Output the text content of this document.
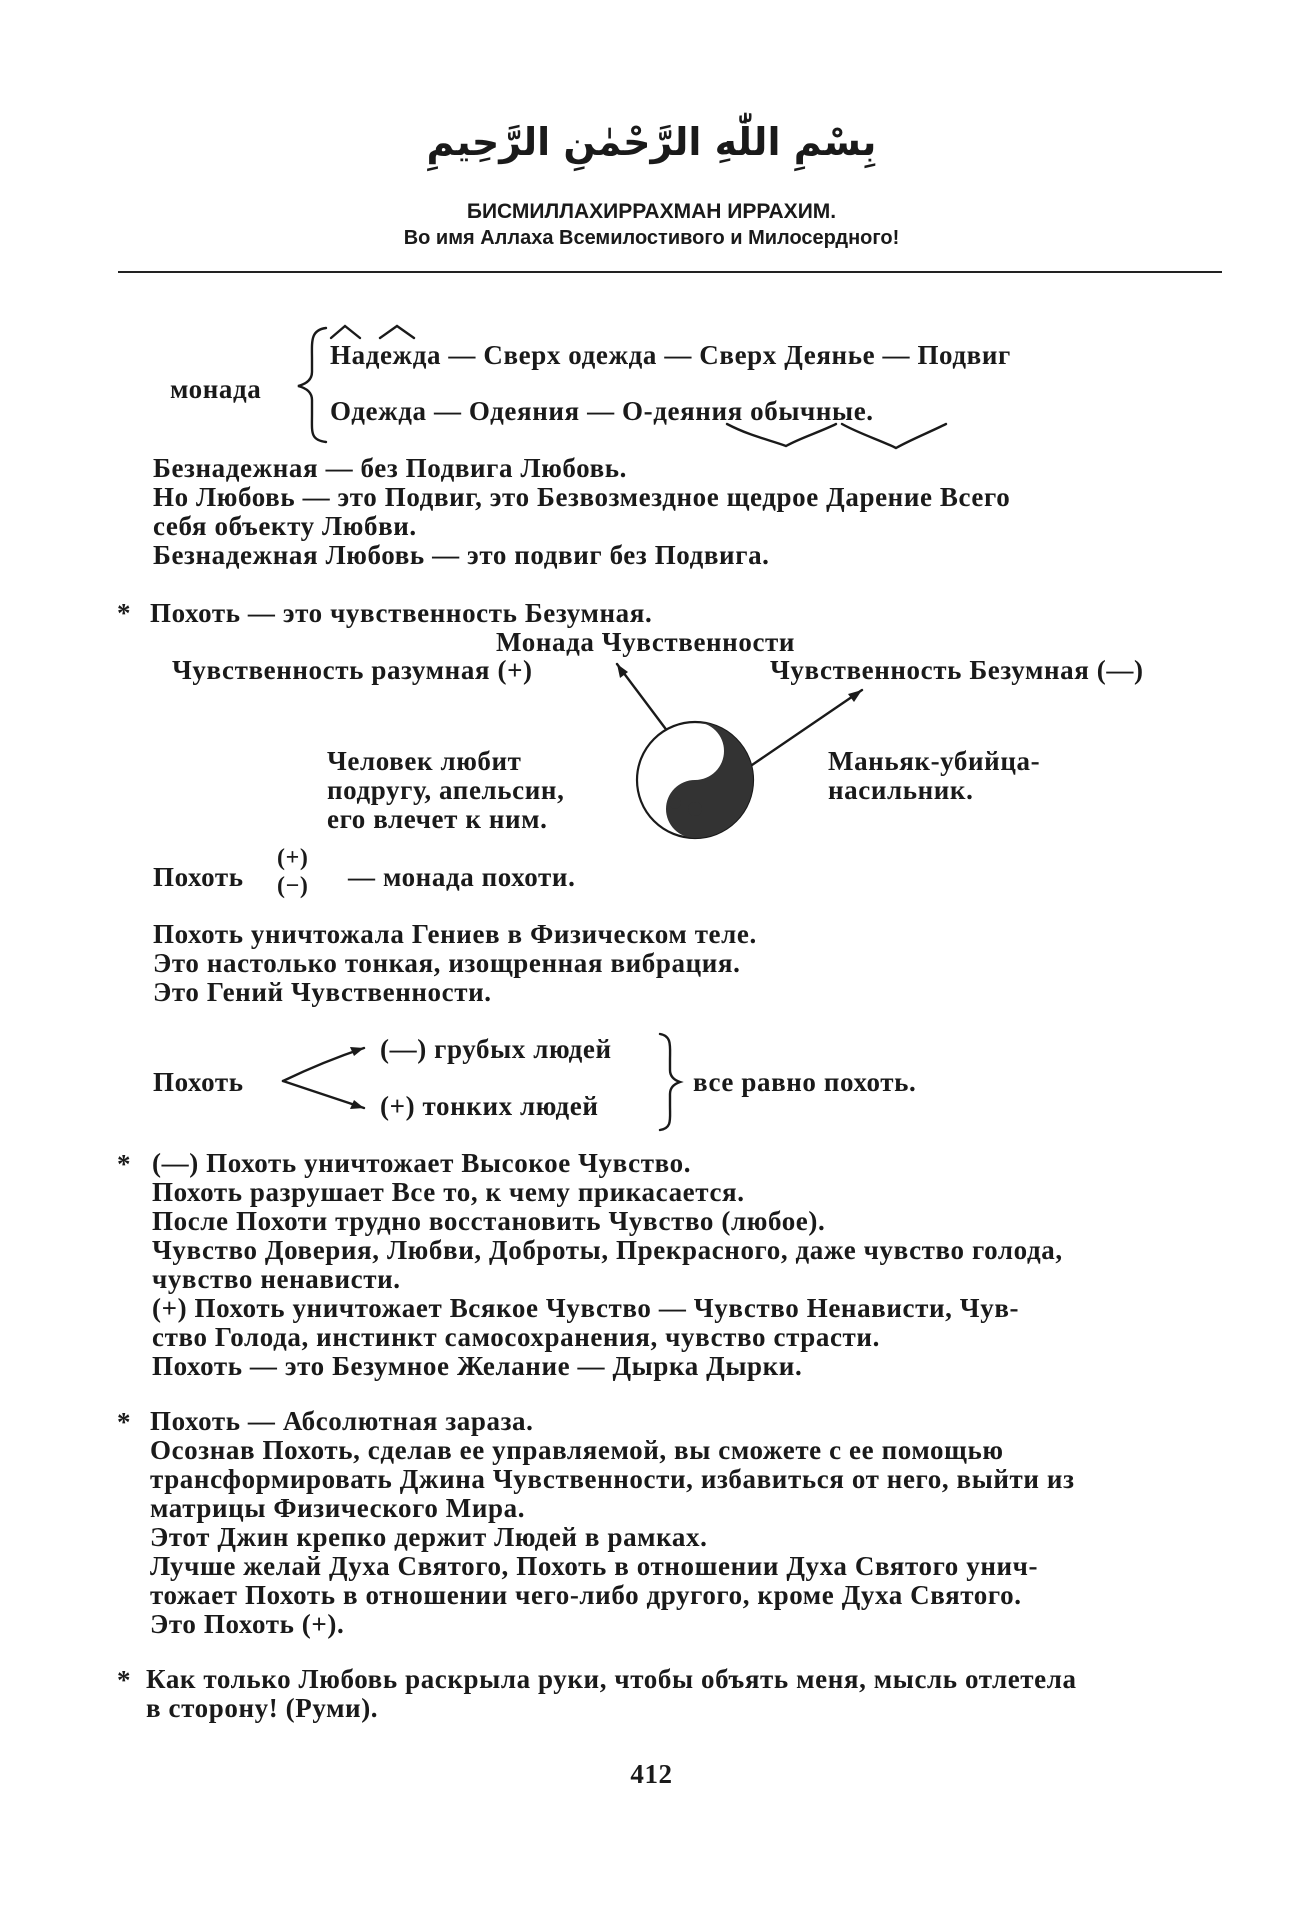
بِسْمِ اللّٰهِ الرَّحْمٰنِ الرَّحِيمِ
БИСМИЛЛАХИРРАХМАН ИРРАХИМ.
Во имя Аллаха Всемилостивого и Милосердного!
монада
Надежда — Сверх одежда — Сверх Деянье — Подвиг
Одежда — Одеяния — О-деяния обычные.
Безнадежная — без Подвига Любовь.
Но Любовь — это Подвиг, это Безвозмездное щедрое Дарение Всего
себя объекту Любви.
Безнадежная Любовь — это подвиг без Подвига.
* Похоть — это чувственность Безумная.
Монада Чувственности
Чувственность разумная (+)	Чувственность Безумная (—)
Человек любит
подругу, апельсин,
его влечет к ним.
Маньяк-убийца-
насильник.
Похоть
(+)
(−) — монада похоти.
Похоть уничтожала Гениев в Физическом теле.
Это настолько тонкая, изощренная вибрация.
Это Гений Чувственности.
Похоть
(—) грубых людей
(+) тонких людей
все равно похоть.
* (—) Похоть уничтожает Высокое Чувство.
Похоть разрушает Все то, к чему прикасается.
После Похоти трудно восстановить Чувство (любое).
Чувство Доверия, Любви, Доброты, Прекрасного, даже чувство голода,
чувство ненависти.
(+) Похоть уничтожает Всякое Чувство — Чувство Ненависти, Чув-
ство Голода, инстинкт самосохранения, чувство страсти.
Похоть — это Безумное Желание — Дырка Дырки.
* Похоть — Абсолютная зараза.
Осознав Похоть, сделав ее управляемой, вы сможете с ее помощью
трансформировать Джина Чувственности, избавиться от него, выйти из
матрицы Физического Мира.
Этот Джин крепко держит Людей в рамках.
Лучше желай Духа Святого, Похоть в отношении Духа Святого унич-
тожает Похоть в отношении чего-либо другого, кроме Духа Святого.
Это Похоть (+).
* Как только Любовь раскрыла руки, чтобы объять меня, мысль отлетела
в сторону! (Руми).
412
